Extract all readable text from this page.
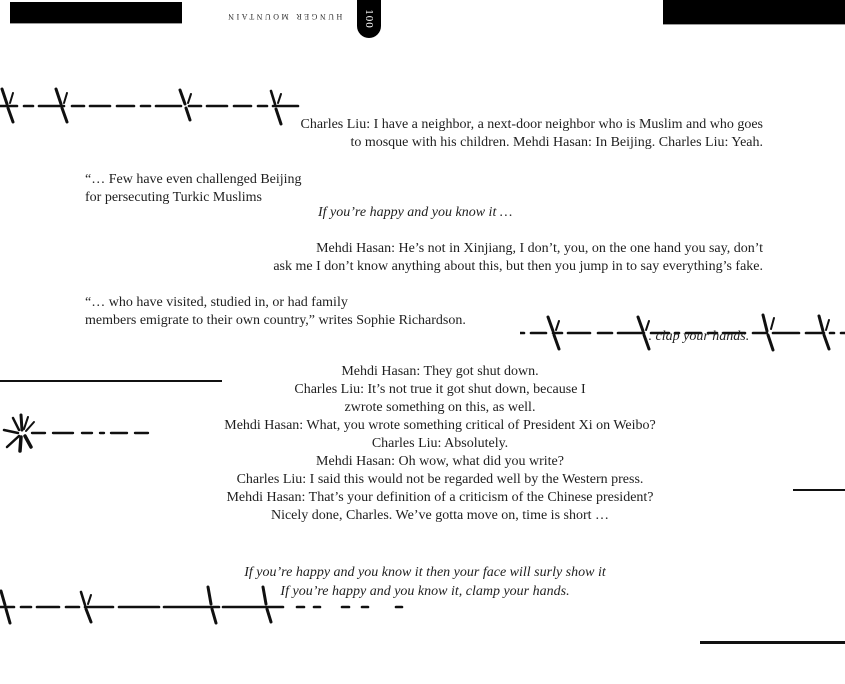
hunger mountain	100
Charles Liu: I have a neighbor, a next-door neighbor who is Muslim and who goes
to mosque with his children. Mehdi Hasan: In Beijing. Charles Liu: Yeah.
“… Few have even challenged Beijing
for persecuting Turkic Muslims
If you’re happy and you know it …
Mehdi Hasan: He’s not in Xinjiang, I don’t, you, on the one hand you say, don’t
ask me I don’t know anything about this, but then you jump in to say everything’s fake.
“… who have visited, studied in, or had family
members emigrate to their own country,” writes Sophie Richardson.
.. clap your hands.
Mehdi Hasan: They got shut down.
Charles Liu: It’s not true it got shut down, because I
zwrote something on this, as well.
Mehdi Hasan: What, you wrote something critical of President Xi on Weibo?
Charles Liu: Absolutely.
Mehdi Hasan: Oh wow, what did you write?
Charles Liu: I said this would not be regarded well by the Western press.
Mehdi Hasan: That’s your definition of a criticism of the Chinese president?
Nicely done, Charles. We’ve gotta move on, time is short …
If you’re happy and you know it then your face will surly show it
If you’re happy and you know it, clamp your hands.
